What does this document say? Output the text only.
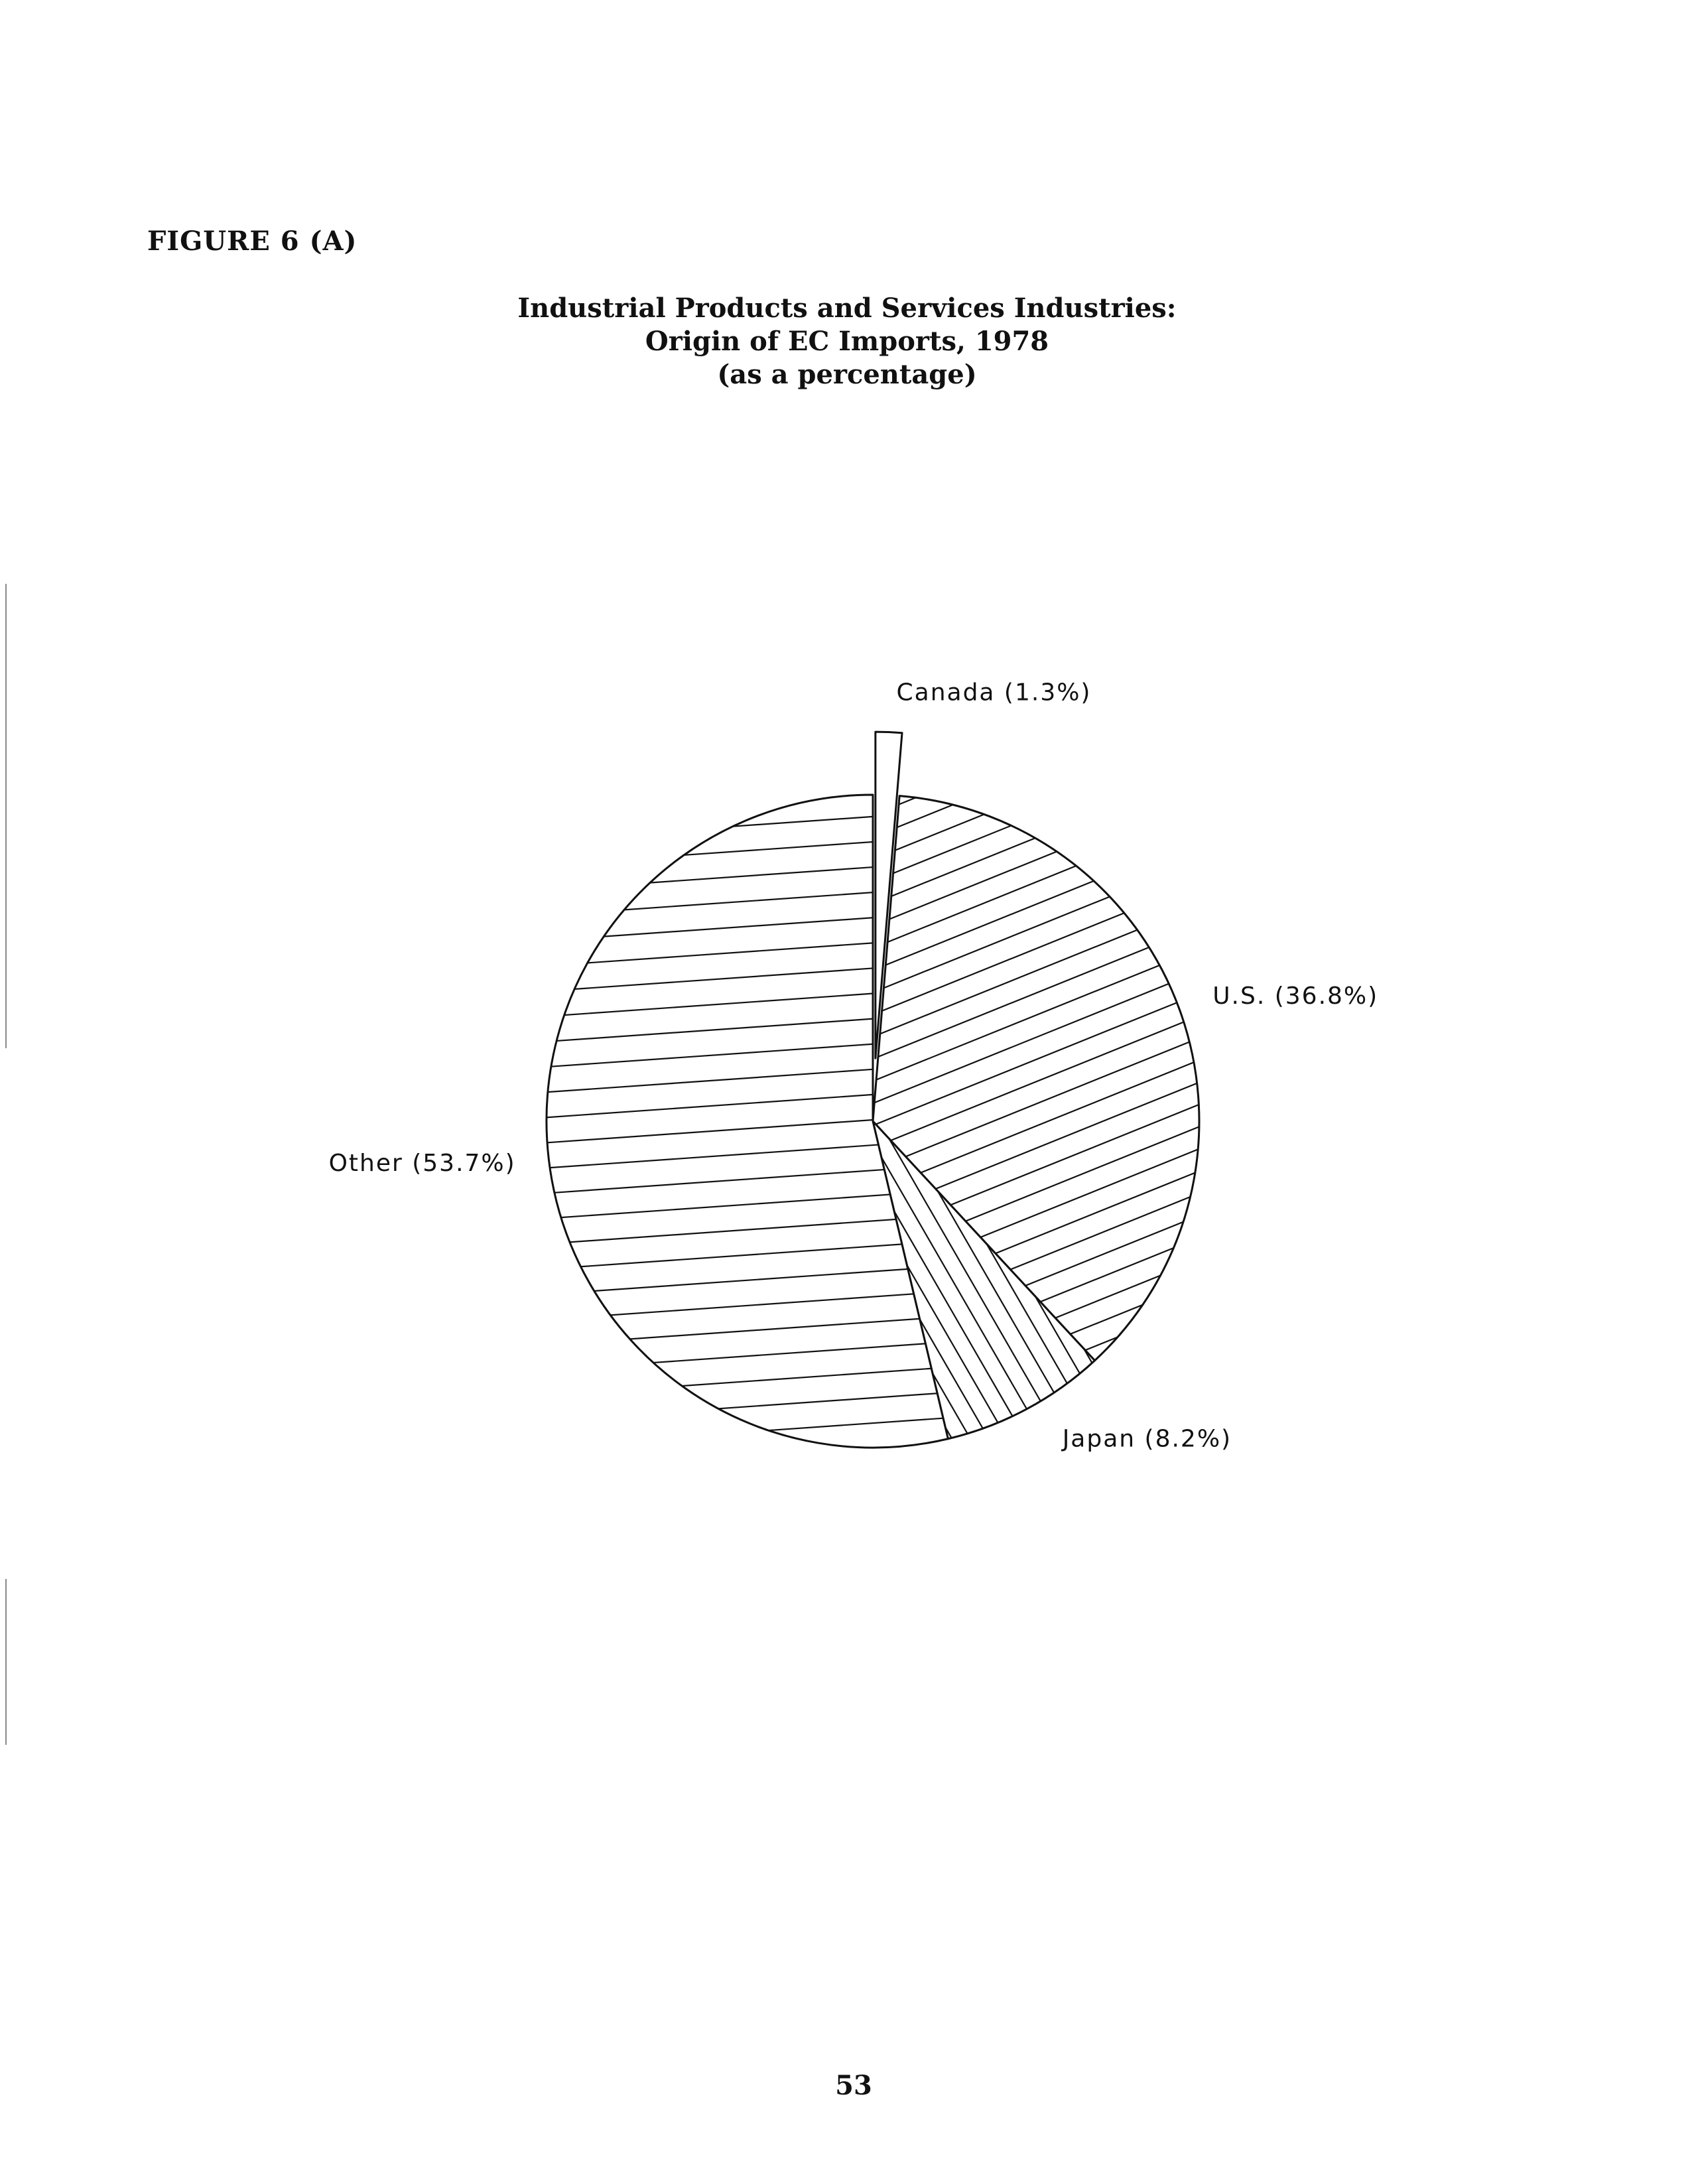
FIGURE 6 (A)
Industrial Products and Services Industries:
Origin of EC Imports, 1978
(as a percentage)
Canada (1.3%)
U.S. (36.8%)
Japan (8.2%)
Other (53.7%)
53
